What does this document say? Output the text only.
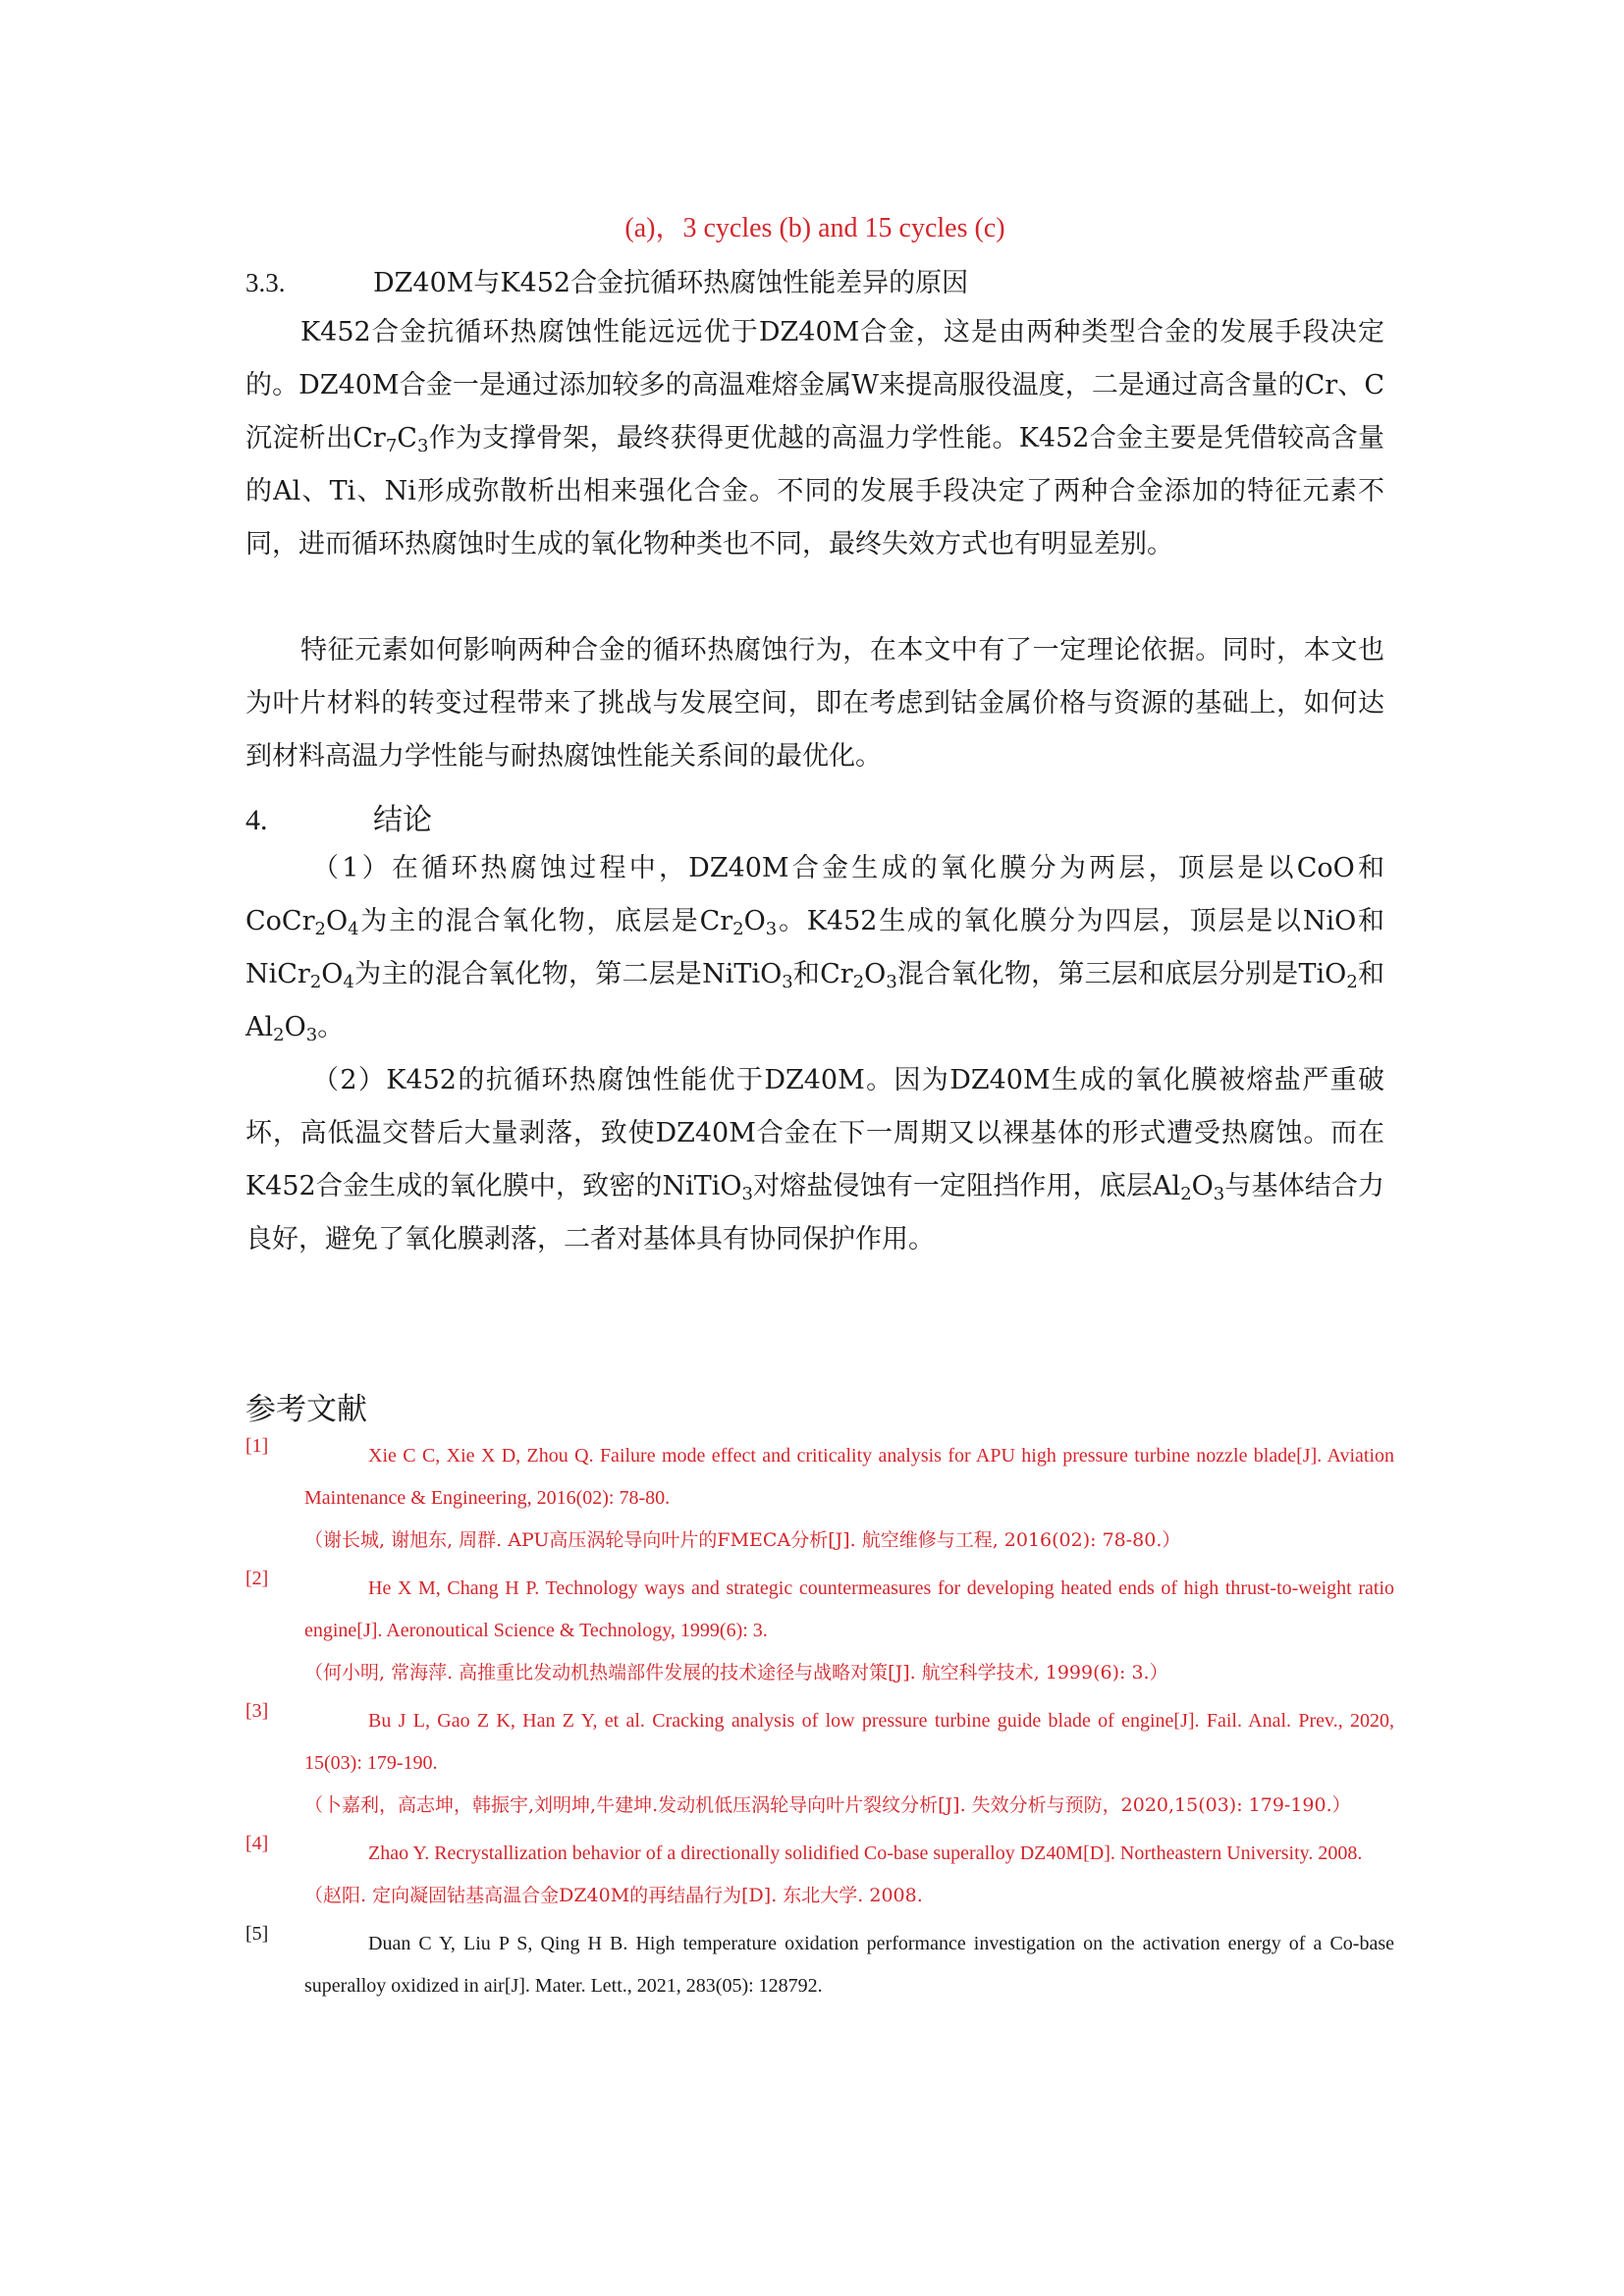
(a)，3 cycles (b) and 15 cycles (c)
3.3.	DZ40M与K452合金抗循环热腐蚀性能差异的原因

K452合金抗循环热腐蚀性能远远优于DZ40M合金，这是由两种类型合金的发展手段决定的。DZ40M合金一是通过添加较多的高温难熔金属W来提高服役温度，二是通过高含量的Cr、C沉淀析出$Cr_7C_3$作为支撑骨架，最终获得更优越的高温力学性能。K452合金主要是凭借较高含量的Al、Ti、Ni形成弥散析出相来强化合金。不同的发展手段决定了两种合金添加的特征元素不同，进而循环热腐蚀时生成的氧化物种类也不同，最终失效方式也有明显差别。

特征元素如何影响两种合金的循环热腐蚀行为，在本文中有了一定理论依据。同时，本文也为叶片材料的转变过程带来了挑战与发展空间，即在考虑到钴金属价格与资源的基础上，如何达到材料高温力学性能与耐热腐蚀性能关系间的最优化。

4.	结论

（1）在循环热腐蚀过程中，DZ40M合金生成的氧化膜分为两层，顶层是以CoO和$CoCr_2O_4$为主的混合氧化物，底层是$Cr_2O_3$。K452生成的氧化膜分为四层，顶层是以NiO和$NiCr_2O_4$为主的混合氧化物，第二层是NiTiO$_3$和$Cr_2O_3$混合氧化物，第三层和底层分别是TiO$_2$和$Al_2O_3$。

（2）K452的抗循环热腐蚀性能优于DZ40M。因为DZ40M生成的氧化膜被熔盐严重破坏，高低温交替后大量剥落，致使DZ40M合金在下一周期又以裸基体的形式遭受热腐蚀。而在K452合金生成的氧化膜中，致密的NiTiO$_3$对熔盐侵蚀有一定阻挡作用，底层$Al_2O_3$与基体结合力良好，避免了氧化膜剥落，二者对基体具有协同保护作用。

参考文献
[1]	Xie C C, Xie X D, Zhou Q. Failure mode effect and criticality analysis for APU high pressure turbine nozzle blade[J]. Aviation Maintenance & Engineering, 2016(02): 78-80.

（谢长城, 谢旭东, 周群. APU高压涡轮导向叶片的FMECA分析[J]. 航空维修与工程, 2016(02): 78-80.）

[2]	He X M, Chang H P. Technology ways and strategic countermeasures for developing heated ends of high thrust-to-weight ratio engine[J]. Aeronoutical Science & Technology, 1999(6): 3.

（何小明, 常海萍. 高推重比发动机热端部件发展的技术途径与战略对策[J]. 航空科学技术, 1999(6): 3.）

[3]	Bu J L, Gao Z K, Han Z Y, et al. Cracking analysis of low pressure turbine guide blade of engine[J]. Fail. Anal. Prev., 2020, 15(03): 179-190.

（卜嘉利，高志坤，韩振宇,刘明坤,牛建坤.发动机低压涡轮导向叶片裂纹分析[J]. 失效分析与预防，2020,15(03): 179-190.）

[4]	Zhao Y. Recrystallization behavior of a directionally solidified Co-base superalloy DZ40M[D]. Northeastern University. 2008.

（赵阳. 定向凝固钴基高温合金DZ40M的再结晶行为[D]. 东北大学. 2008.

[5]	Duan C Y, Liu P S, Qing H B. High temperature oxidation performance investigation on the activation energy of a Co-base superalloy oxidized in air[J]. Mater. Lett., 2021, 283(05): 128792.
